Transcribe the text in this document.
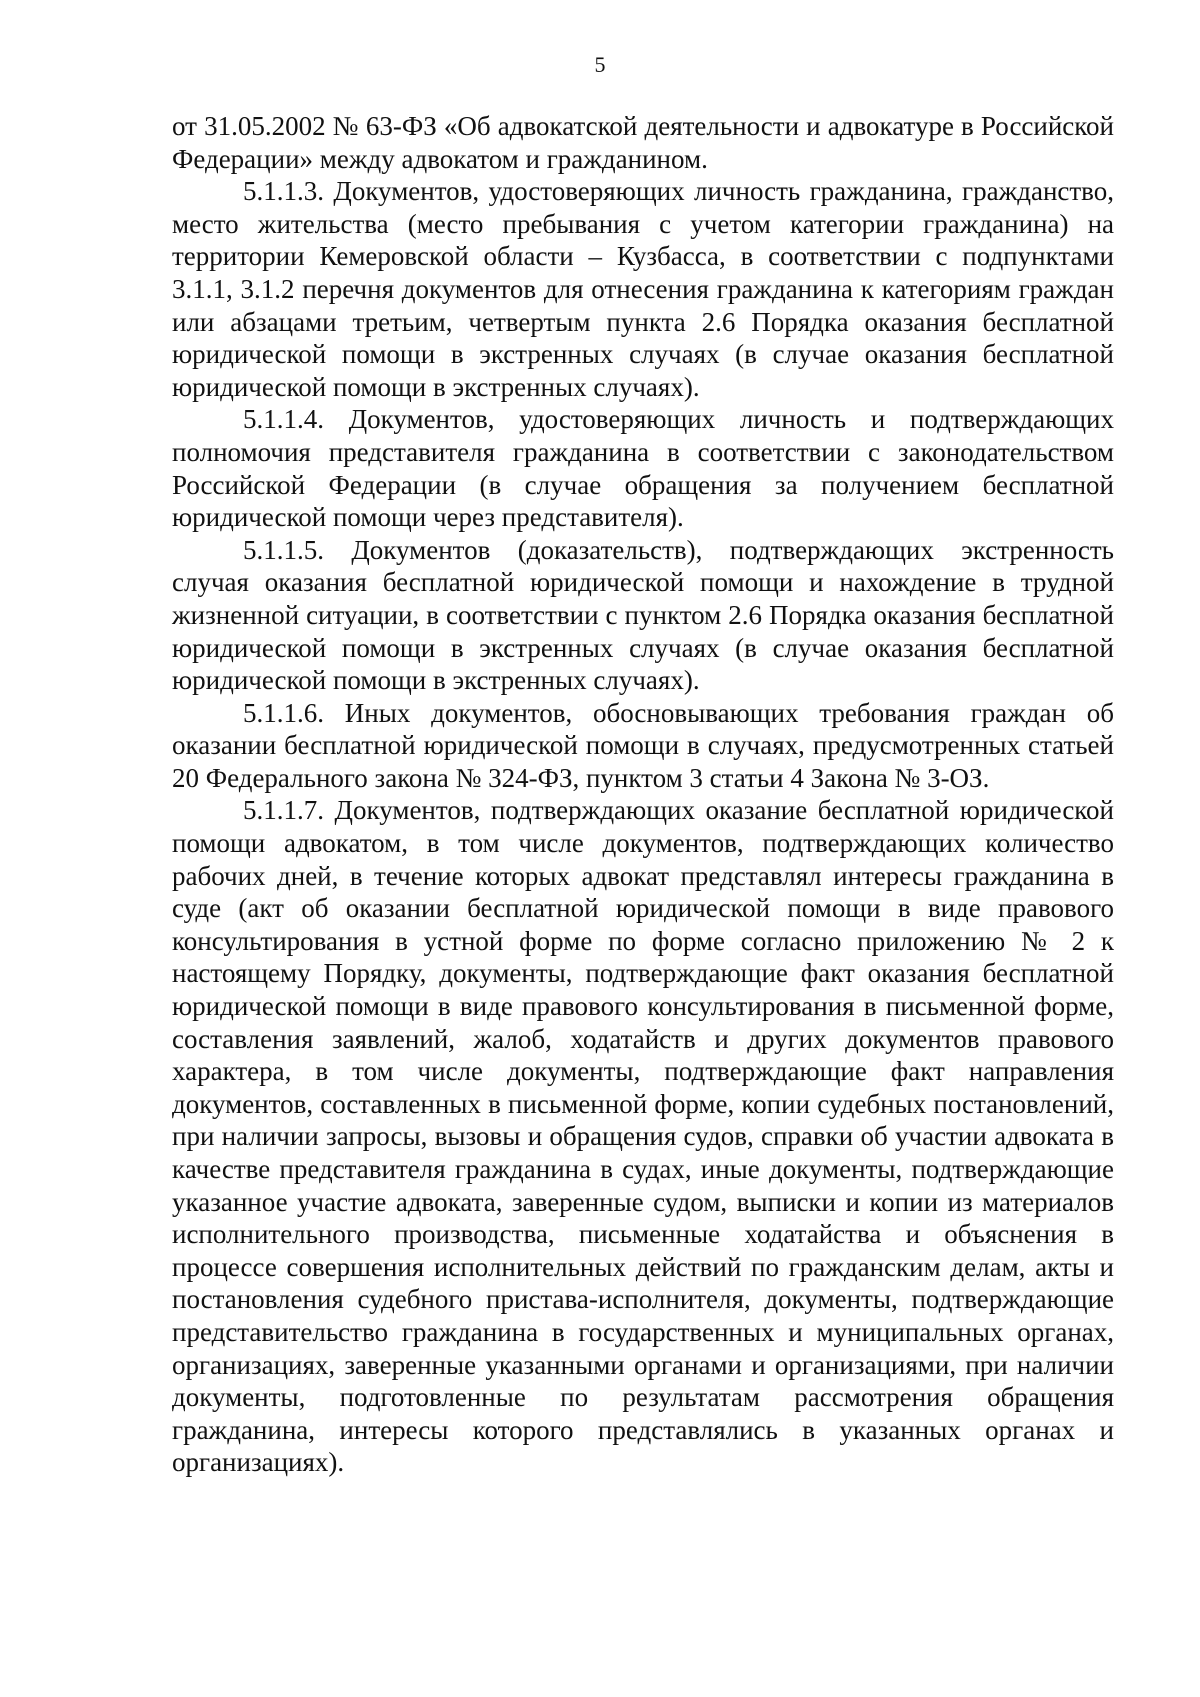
5

от 31.05.2002 № 63-ФЗ «Об адвокатской деятельности и адвокатуре в Российской Федерации» между адвокатом и гражданином.

5.1.1.3. Документов, удостоверяющих личность гражданина, гражданство, место жительства (место пребывания с учетом категории гражданина) на территории Кемеровской области – Кузбасса, в соответствии с подпунктами 3.1.1, 3.1.2 перечня документов для отнесения гражданина к категориям граждан или абзацами третьим, четвертым пункта 2.6 Порядка оказания бесплатной юридической помощи в экстренных случаях (в случае оказания бесплатной юридической помощи в экстренных случаях).

5.1.1.4. Документов, удостоверяющих личность и подтверждающих полномочия представителя гражданина в соответствии с законодательством Российской Федерации (в случае обращения за получением бесплатной юридической помощи через представителя).

5.1.1.5. Документов (доказательств), подтверждающих экстренность случая оказания бесплатной юридической помощи и нахождение в трудной жизненной ситуации, в соответствии с пунктом 2.6 Порядка оказания бесплатной юридической помощи в экстренных случаях (в случае оказания бесплатной юридической помощи в экстренных случаях).

5.1.1.6. Иных документов, обосновывающих требования граждан об оказании бесплатной юридической помощи в случаях, предусмотренных статьей 20 Федерального закона № 324-ФЗ, пунктом 3 статьи 4 Закона № 3-ОЗ.

5.1.1.7. Документов, подтверждающих оказание бесплатной юридической помощи адвокатом, в том числе документов, подтверждающих количество рабочих дней, в течение которых адвокат представлял интересы гражданина в суде (акт об оказании бесплатной юридической помощи в виде правового консультирования в устной форме по форме согласно приложению № 2 к настоящему Порядку, документы, подтверждающие факт оказания бесплатной юридической помощи в виде правового консультирования в письменной форме, составления заявлений, жалоб, ходатайств и других документов правового характера, в том числе документы, подтверждающие факт направления документов, составленных в письменной форме, копии судебных постановлений, при наличии запросы, вызовы и обращения судов, справки об участии адвоката в качестве представителя гражданина в судах, иные документы, подтверждающие указанное участие адвоката, заверенные судом, выписки и копии из материалов исполнительного производства, письменные ходатайства и объяснения в процессе совершения исполнительных действий по гражданским делам, акты и постановления судебного пристава-исполнителя, документы, подтверждающие представительство гражданина в государственных и муниципальных органах, организациях, заверенные указанными органами и организациями, при наличии документы, подготовленные по результатам рассмотрения обращения гражданина, интересы которого представлялись в указанных органах и организациях).
